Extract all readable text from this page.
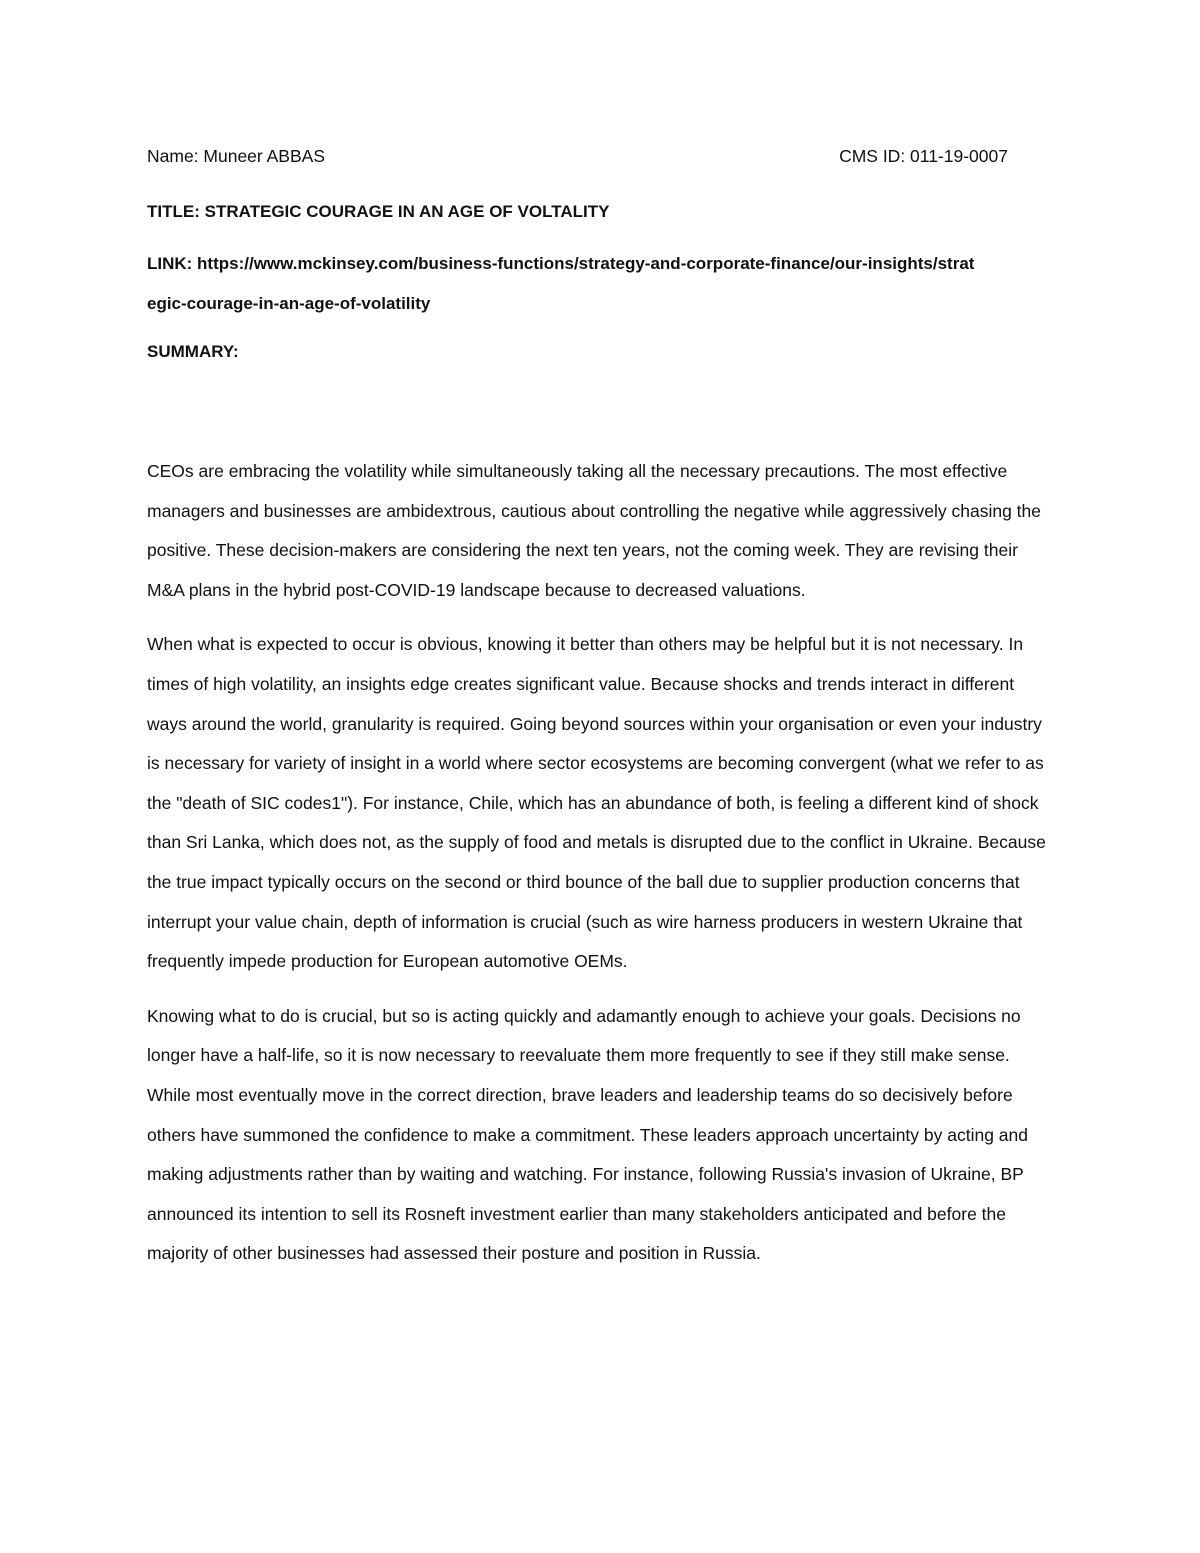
Name: Muneer ABBAS	CMS ID: 011-19-0007

TITLE: STRATEGIC COURAGE IN AN AGE OF VOLTALITY

LINK: https://www.mckinsey.com/business-functions/strategy-and-corporate-finance/our-insights/strategic-courage-in-an-age-of-volatility

SUMMARY:

CEOs are embracing the volatility while simultaneously taking all the necessary precautions. The most effective managers and businesses are ambidextrous, cautious about controlling the negative while aggressively chasing the positive. These decision-makers are considering the next ten years, not the coming week. They are revising their M&A plans in the hybrid post-COVID-19 landscape because to decreased valuations.

When what is expected to occur is obvious, knowing it better than others may be helpful but it is not necessary. In times of high volatility, an insights edge creates significant value. Because shocks and trends interact in different ways around the world, granularity is required. Going beyond sources within your organisation or even your industry is necessary for variety of insight in a world where sector ecosystems are becoming convergent (what we refer to as the "death of SIC codes1"). For instance, Chile, which has an abundance of both, is feeling a different kind of shock than Sri Lanka, which does not, as the supply of food and metals is disrupted due to the conflict in Ukraine. Because the true impact typically occurs on the second or third bounce of the ball due to supplier production concerns that interrupt your value chain, depth of information is crucial (such as wire harness producers in western Ukraine that frequently impede production for European automotive OEMs.

Knowing what to do is crucial, but so is acting quickly and adamantly enough to achieve your goals. Decisions no longer have a half-life, so it is now necessary to reevaluate them more frequently to see if they still make sense. While most eventually move in the correct direction, brave leaders and leadership teams do so decisively before others have summoned the confidence to make a commitment. These leaders approach uncertainty by acting and making adjustments rather than by waiting and watching. For instance, following Russia's invasion of Ukraine, BP announced its intention to sell its Rosneft investment earlier than many stakeholders anticipated and before the majority of other businesses had assessed their posture and position in Russia.
